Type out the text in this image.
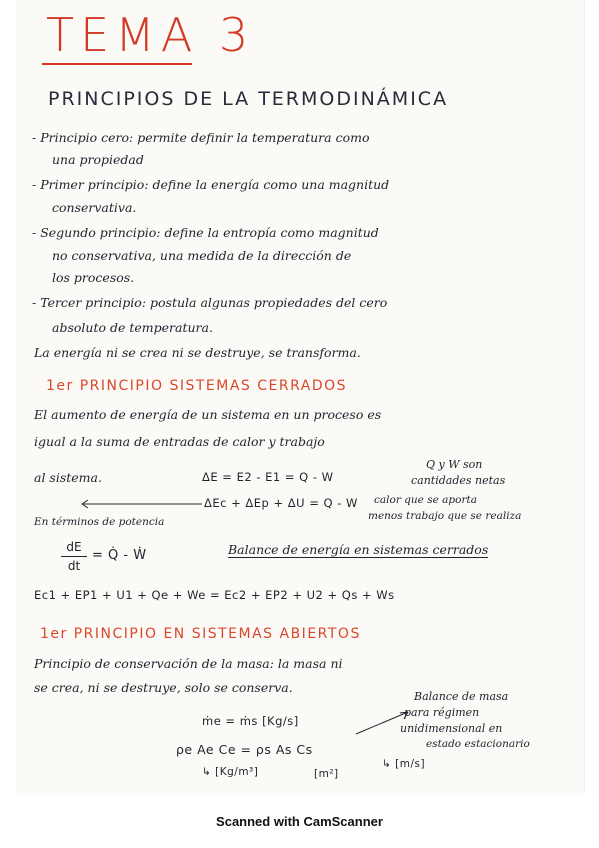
TEMA 3
PRINCIPIOS DE LA TERMODINÁMICA
- Principio cero: permite definir la temperatura como
una propiedad
- Primer principio: define la energía como una magnitud
conservativa.
- Segundo principio: define la entropía como magnitud
no conservativa, una medida de la dirección de
los procesos.
- Tercer principio: postula algunas propiedades del cero
absoluto de temperatura.
La energía ni se crea ni se destruye, se transforma.
1er PRINCIPIO SISTEMAS CERRADOS
El aumento de energía de un sistema en un proceso es
igual a la suma de entradas de calor y trabajo
al sistema.	ΔE = E2 - E1 = Q - W
Q y W son
cantidades netas
ΔEc + ΔEp + ΔU = Q - W calor que se aporta
menos trabajo que se realiza
En términos de potencia
dE
dt
= Q̇ - Ẇ	Balance de energía en sistemas cerrados
Ec1 + EP1 + U1 + Qe + We = Ec2 + EP2 + U2 + Qs + Ws
1er PRINCIPIO EN SISTEMAS ABIERTOS
Principio de conservación de la masa: la masa ni
se crea, ni se destruye, solo se conserva.
ṁe = ṁs [Kg/s]
Balance de masa
para régimen
unidimensional en
estado estacionario
ρe Ae Ce = ρs As Cs
↳ [Kg/m³]	[m²]
↳ [m/s]
Scanned with CamScanner
